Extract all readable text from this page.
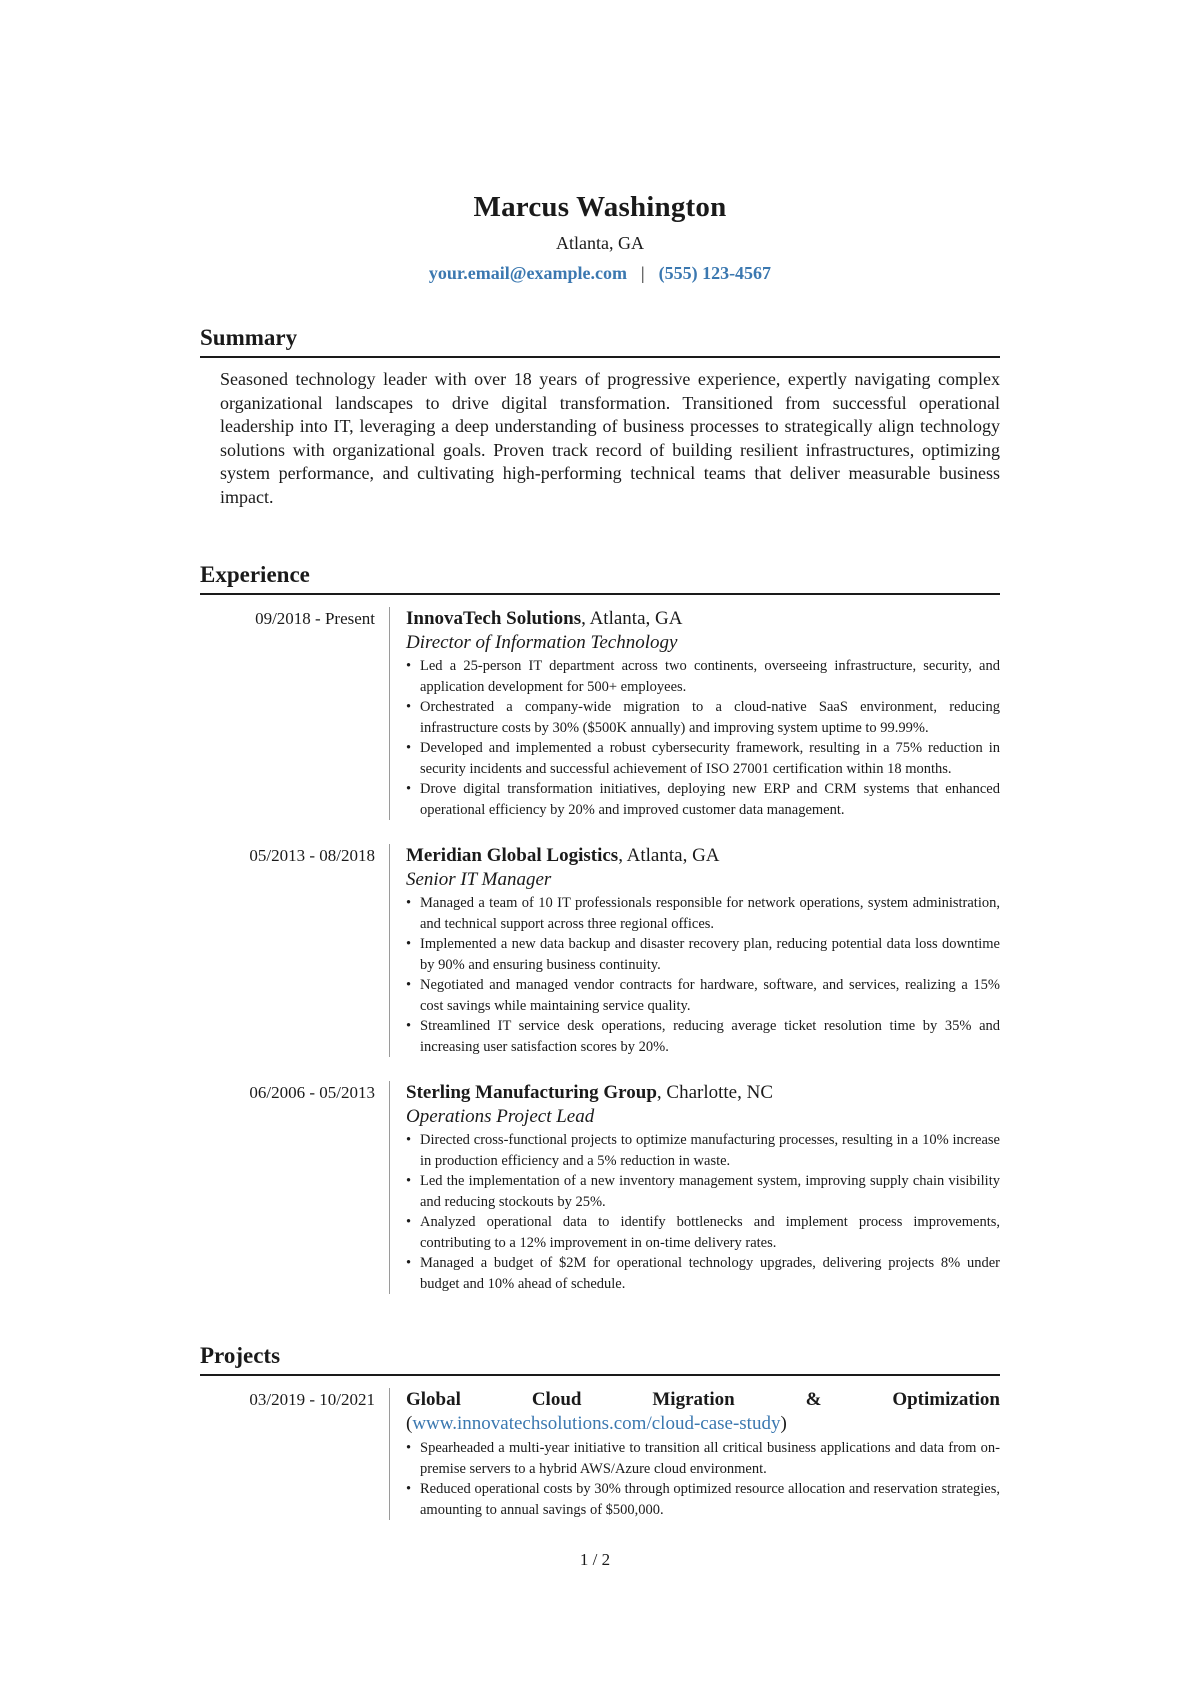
Marcus Washington
Atlanta, GA
your.email@example.com | (555) 123-4567
Summary
Seasoned technology leader with over 18 years of progressive experience, expertly navigating complex organizational landscapes to drive digital transformation. Transitioned from successful operational leadership into IT, leveraging a deep understanding of business processes to strategically align technology solutions with organizational goals. Proven track record of building resilient infrastructures, optimizing system performance, and cultivating high-performing technical teams that deliver measurable business impact.
Experience
09/2018 - Present	InnovaTech Solutions, Atlanta, GA
Director of Information Technology
• Led a 25-person IT department across two continents, overseeing infrastructure, security, and application development for 500+ employees.
• Orchestrated a company-wide migration to a cloud-native SaaS environment, reducing infrastructure costs by 30% ($500K annually) and improving system uptime to 99.99%.
• Developed and implemented a robust cybersecurity framework, resulting in a 75% reduction in security incidents and successful achievement of ISO 27001 certification within 18 months.
• Drove digital transformation initiatives, deploying new ERP and CRM systems that enhanced operational efficiency by 20% and improved customer data management.
05/2013 - 08/2018	Meridian Global Logistics, Atlanta, GA
Senior IT Manager
• Managed a team of 10 IT professionals responsible for network operations, system administration, and technical support across three regional offices.
• Implemented a new data backup and disaster recovery plan, reducing potential data loss downtime by 90% and ensuring business continuity.
• Negotiated and managed vendor contracts for hardware, software, and services, realizing a 15% cost savings while maintaining service quality.
• Streamlined IT service desk operations, reducing average ticket resolution time by 35% and increasing user satisfaction scores by 20%.
06/2006 - 05/2013	Sterling Manufacturing Group, Charlotte, NC
Operations Project Lead
• Directed cross-functional projects to optimize manufacturing processes, resulting in a 10% increase in production efficiency and a 5% reduction in waste.
• Led the implementation of a new inventory management system, improving supply chain visibility and reducing stockouts by 25%.
• Analyzed operational data to identify bottlenecks and implement process improvements, contributing to a 12% improvement in on-time delivery rates.
• Managed a budget of $2M for operational technology upgrades, delivering projects 8% under budget and 10% ahead of schedule.
Projects
03/2019 - 10/2021	Global Cloud Migration & Optimization
(www.innovatechsolutions.com/cloud-case-study)
• Spearheaded a multi-year initiative to transition all critical business applications and data from on-premise servers to a hybrid AWS/Azure cloud environment.
• Reduced operational costs by 30% through optimized resource allocation and reservation strategies, amounting to annual savings of $500,000.
1 / 2
